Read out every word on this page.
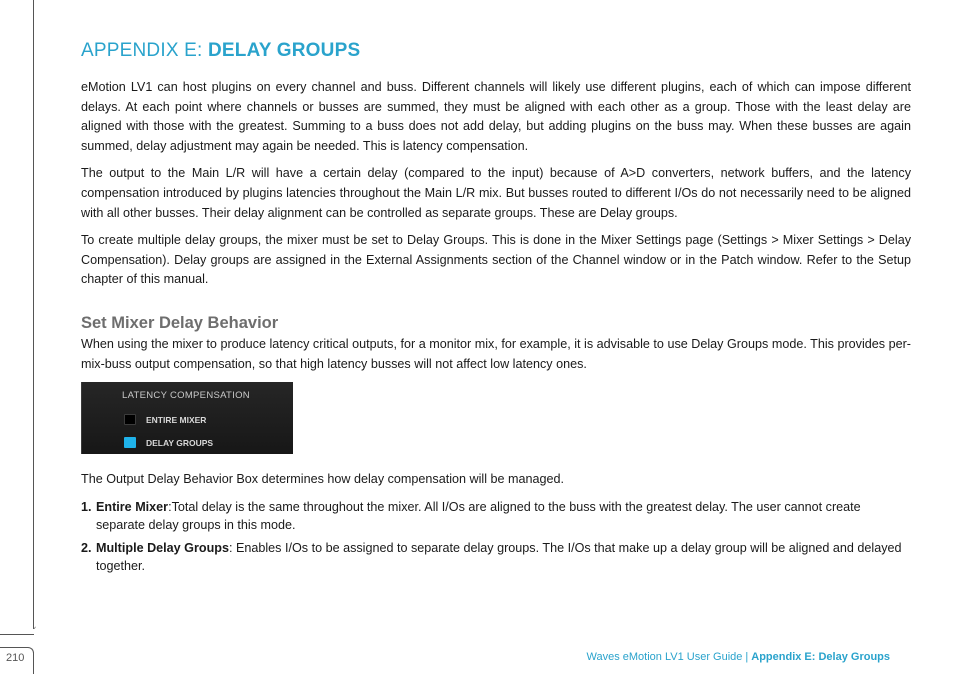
210
APPENDIX E: DELAY GROUPS

eMotion LV1 can host plugins on every channel and buss. Different channels will likely use different plugins, each of which can impose different delays. At each point where channels or busses are summed, they must be aligned with each other as a group. Those with the least delay are aligned with those with the greatest. Summing to a buss does not add delay, but adding plugins on the buss may. When these busses are again summed, delay adjustment may again be needed. This is latency compensation.

The output to the Main L/R will have a certain delay (compared to the input) because of A>D converters, network buffers, and the latency compensation introduced by plugins latencies throughout the Main L/R mix. But busses routed to different I/Os do not necessarily need to be aligned with all other busses. Their delay alignment can be controlled as separate groups. These are Delay groups.

To create multiple delay groups, the mixer must be set to Delay Groups. This is done in the Mixer Settings page (Settings > Mixer Settings > Delay Compensation). Delay groups are assigned in the External Assignments section of the Channel window or in the Patch window. Refer to the Setup chapter of this manual.

Set Mixer Delay Behavior

When using the mixer to produce latency critical outputs, for a monitor mix, for example, it is advisable to use Delay Groups mode. This provides per-mix-buss output compensation, so that high latency busses will not affect low latency ones.

LATENCY COMPENSATION
ENTIRE MIXER
DELAY GROUPS

The Output Delay Behavior Box determines how delay compensation will be managed.

1. Entire Mixer:Total delay is the same throughout the mixer. All I/Os are aligned to the buss with the greatest delay. The user cannot create separate delay groups in this mode.
2. Multiple Delay Groups: Enables I/Os to be assigned to separate delay groups. The I/Os that make up a delay group will be aligned and delayed together.
Waves eMotion LV1 User Guide | Appendix E: Delay Groups
